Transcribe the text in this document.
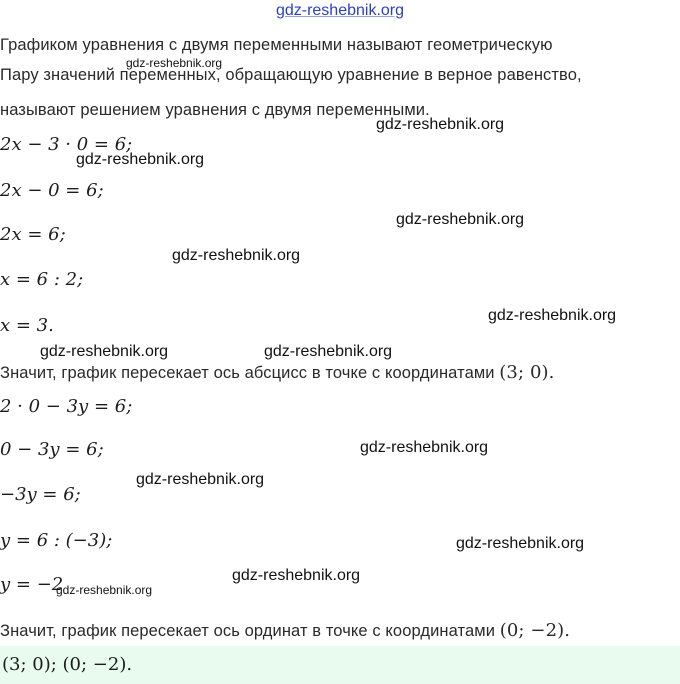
gdz-reshebnik.org
Графиком уравнения с двумя переменными называют геометрическую
Пару значений переменных, обращающую уравнение в верное равенство,
называют решением уравнения с двумя переменными.
2x − 3 · 0 = 6;
2x − 0 = 6;
2x = 6;
x = 6 : 2;
x = 3.
Значит, график пересекает ось абсцисс в точке с координатами (3; 0).
2 · 0 − 3y = 6;
0 − 3y = 6;
−3y = 6;
y = 6 : (−3);
y = −2
Значит, график пересекает ось ординат в точке с координатами (0; −2).
(3; 0); (0; −2).
gdz-reshebnik.org
gdz-reshebnik.org
gdz-reshebnik.org
gdz-reshebnik.org
gdz-reshebnik.org
gdz-reshebnik.org
gdz-reshebnik.org	gdz-reshebnik.org
gdz-reshebnik.org
gdz-reshebnik.org
gdz-reshebnik.org
gdz-reshebnik.org
gdz-reshebnik.org
